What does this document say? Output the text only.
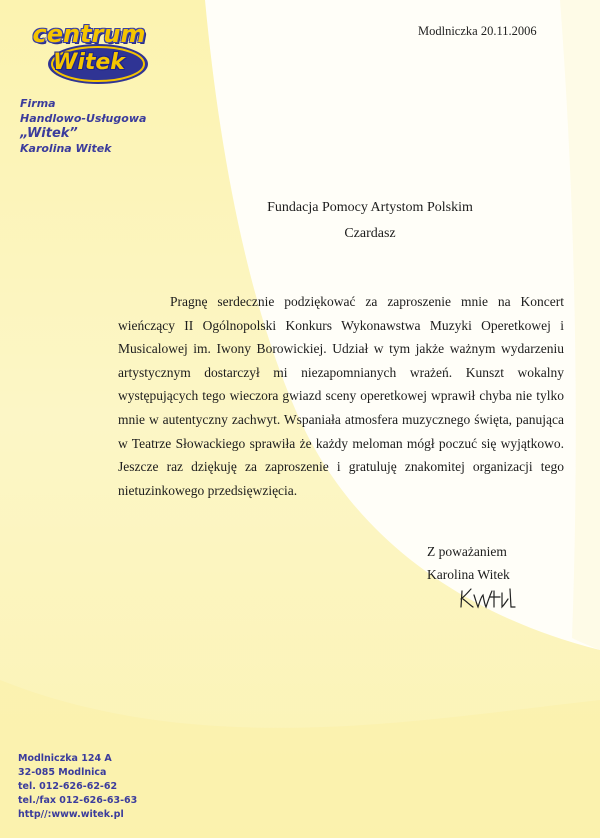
centrum
Witek
Firma
Handlowo-Usługowa
„Witek”
Karolina Witek
Modlniczka 20.11.2006
Fundacja Pomocy Artystom Polskim
Czardasz

Pragnę serdecznie podziękować za zaproszenie mnie na Koncert wieńczący II Ogólnopolski Konkurs Wykonawstwa Muzyki Operetkowej i Musicalowej im. Iwony Borowickiej. Udział w tym jakże ważnym wydarzeniu artystycznym dostarczył mi niezapomnianych wrażeń. Kunszt wokalny występujących tego wieczora gwiazd sceny operetkowej wprawił chyba nie tylko mnie w autentyczny zachwyt. Wspaniała atmosfera muzycznego święta, panująca w Teatrze Słowackiego sprawiła że każdy meloman mógł poczuć się wyjątkowo. Jeszcze raz dziękuję za zaproszenie i gratuluję znakomitej organizacji tego nietuzinkowego przedsięwzięcia.

Z poważaniem
Karolina Witek
Modlniczka 124 A
32-085 Modlnica
tel. 012-626-62-62
tel./fax 012-626-63-63
http//:www.witek.pl
